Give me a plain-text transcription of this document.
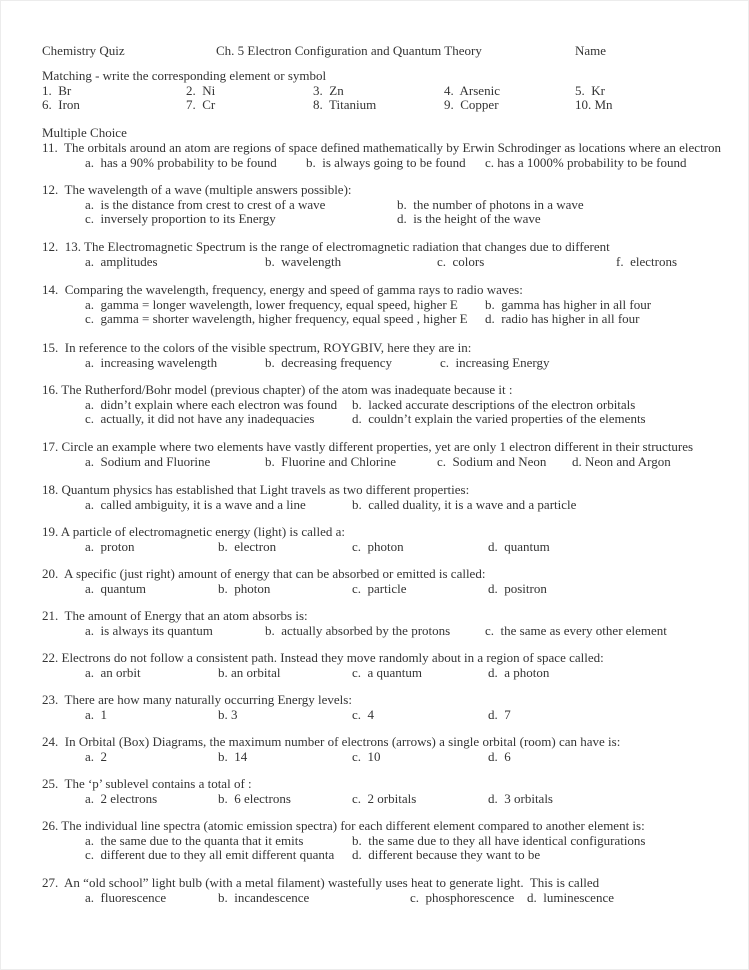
Chemistry Quiz	Ch. 5 Electron Configuration and Quantum Theory	Name
Matching - write the corresponding element or symbol
Multiple Choice
1.  Br	2.  Ni	3.  Zn	4.  Arsenic	5.  Kr
6.  Iron	7.  Cr	8.  Titanium	9.  Copper	10. Mn
11.  The orbitals around an atom are regions of space defined mathematically by Erwin Schrodinger as locations where an electron
a.  has a 90% probability to be found b.  is always going to be found c. has a 1000% probability to be found
12.  The wavelength of a wave (multiple answers possible):
a.  is the distance from crest to crest of a wave	b.  the number of photons in a wave
c.  inversely proportion to its Energy	d.  is the height of the wave
12.  13. The Electromagnetic Spectrum is the range of electromagnetic radiation that changes due to different
a.  amplitudes	b.  wavelength	c.  colors	f.  electrons
14.  Comparing the wavelength, frequency, energy and speed of gamma rays to radio waves:
a.  gamma = longer wavelength, lower frequency, equal speed, higher E b.  gamma has higher in all four
c.  gamma = shorter wavelength, higher frequency, equal speed , higher E d.  radio has higher in all four
15.  In reference to the colors of the visible spectrum, ROYGBIV, here they are in:
a.  increasing wavelength	b.  decreasing frequency	c.  increasing Energy
16. The Rutherford/Bohr model (previous chapter) of the atom was inadequate because it :
a.  didn’t explain where each electron was found b.  lacked accurate descriptions of the electron orbitals
c.  actually, it did not have any inadequacies	d.  couldn’t explain the varied properties of the elements
17. Circle an example where two elements have vastly different properties, yet are only 1 electron different in their structures
a.  Sodium and Fluorine	b.  Fluorine and Chlorine	c.  Sodium and Neon d. Neon and Argon
18. Quantum physics has established that Light travels as two different properties:
a.  called ambiguity, it is a wave and a line	b.  called duality, it is a wave and a particle
19. A particle of electromagnetic energy (light) is called a:
a.  proton	b.  electron	c.  photon	d.  quantum
20.  A specific (just right) amount of energy that can be absorbed or emitted is called:
a.  quantum	b.  photon	c.  particle	d.  positron
21.  The amount of Energy that an atom absorbs is:
a.  is always its quantum	b.  actually absorbed by the protons	c.  the same as every other element
22. Electrons do not follow a consistent path. Instead they move randomly about in a region of space called:
a.  an orbit	b. an orbital	c.  a quantum	d.  a photon
23.  There are how many naturally occurring Energy levels:
a.  1	b. 3	c.  4	d.  7
24.  In Orbital (Box) Diagrams, the maximum number of electrons (arrows) a single orbital (room) can have is:
a.  2	b.  14	c.  10	d.  6
25.  The ‘p’ sublevel contains a total of :
a.  2 electrons	b.  6 electrons	c.  2 orbitals	d.  3 orbitals
26. The individual line spectra (atomic emission spectra) for each different element compared to another element is:
a.  the same due to the quanta that it emits	b.  the same due to they all have identical configurations
c.  different due to they all emit different quanta d.  different because they want to be
27.  An “old school” light bulb (with a metal filament) wastefully uses heat to generate light.  This is called
a.  fluorescence	b.  incandescence	c.  phosphorescence d.  luminescence
